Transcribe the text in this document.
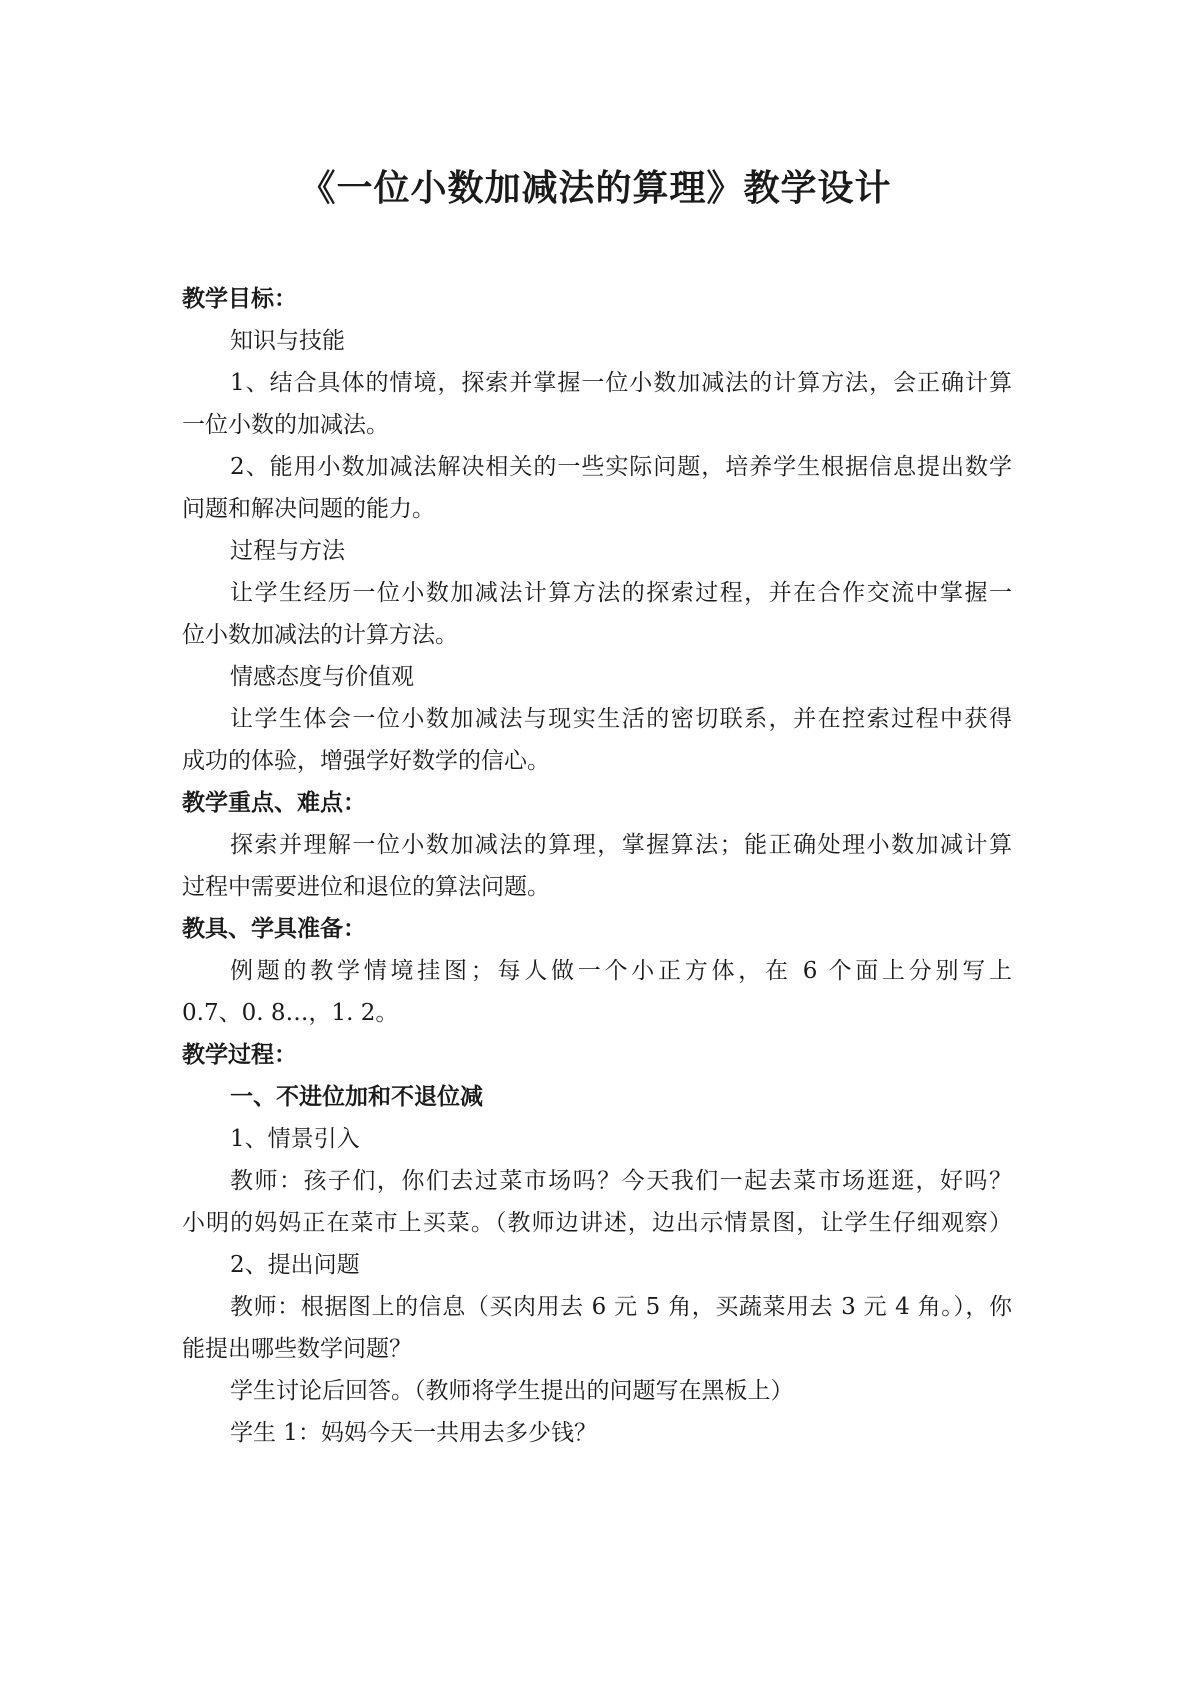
《一位小数加减法的算理》教学设计

教学目标：

知识与技能

1、结合具体的情境，探索并掌握一位小数加减法的计算方法，会正确计算

一位小数的加减法。

2、能用小数加减法解决相关的一些实际问题，培养学生根据信息提出数学

问题和解决问题的能力。

过程与方法

让学生经历一位小数加减法计算方法的探索过程，并在合作交流中掌握一

位小数加减法的计算方法。

情感态度与价值观

让学生体会一位小数加减法与现实生活的密切联系，并在控索过程中获得

成功的体验，增强学好数学的信心。

教学重点、难点：

探索并理解一位小数加减法的算理，掌握算法；能正确处理小数加减计算

过程中需要进位和退位的算法问题。

教具、学具准备：

例题的教学情境挂图；每人做一个小正方体，在 6 个面上分别写上

0.7、0. 8…，1. 2。

教学过程：

一、不进位加和不退位减

1、情景引入

教师：孩子们，你们去过菜市场吗？今天我们一起去菜市场逛逛，好吗？

小明的妈妈正在菜市上买菜。（教师边讲述，边出示情景图，让学生仔细观察）

2、提出问题

教师：根据图上的信息（买肉用去 6 元 5 角，买蔬菜用去 3 元 4 角。），你

能提出哪些数学问题？

学生讨论后回答。（教师将学生提出的问题写在黑板上）

学生 1：妈妈今天一共用去多少钱？
